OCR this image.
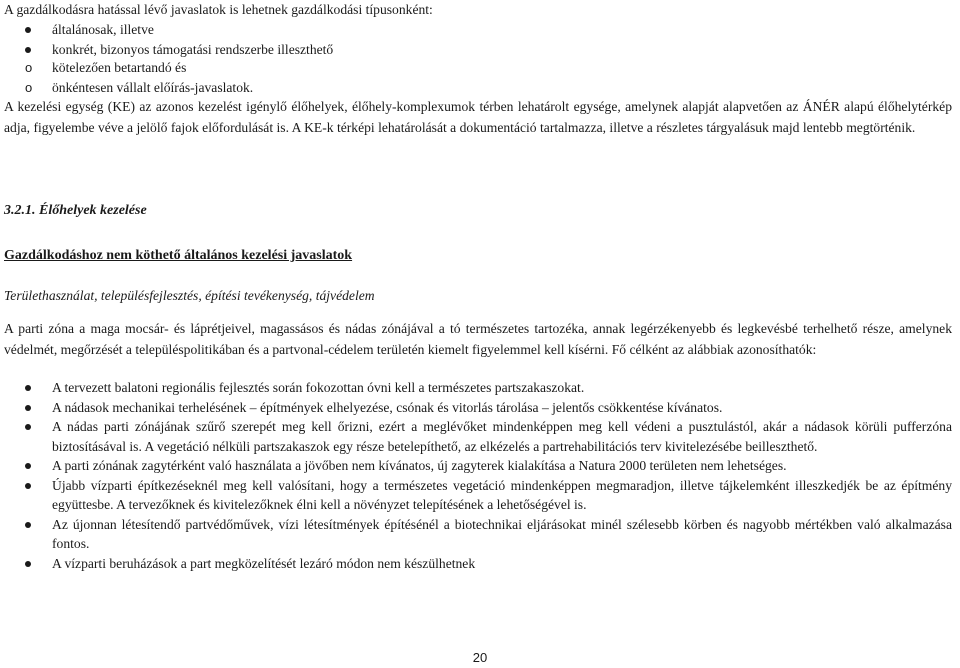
A gazdálkodásra hatással lévő javaslatok is lehetnek gazdálkodási típusonként:

általánosak, illetve
konkrét, bizonyos támogatási rendszerbe illeszthető
o kötelezően betartandó és
o önkéntesen vállalt előírás-javaslatok.

A kezelési egység (KE) az azonos kezelést igénylő élőhelyek, élőhely-komplexumok térben lehatárolt egysége, amelynek alapját alapvetően az ÁNÉR alapú élőhelytérkép adja, figyelembe véve a jelölő fajok előfordulását is. A KE-k térképi lehatárolását a dokumentáció tartalmazza, illetve a részletes tárgyalásuk majd lentebb megtörténik.

3.2.1. Élőhelyek kezelése
Gazdálkodáshoz nem köthető általános kezelési javaslatok
Területhasználat, településfejlesztés, építési tevékenység, tájvédelem

A parti zóna a maga mocsár- és láprétjeivel, magassásos és nádas zónájával a tó természetes tartozéka, annak legérzékenyebb és legkevésbé terhelhető része, amelynek védelmét, megőrzését a településpolitikában és a partvonal-cédelem területén kiemelt figyelemmel kell kísérni. Fő célként az alábbiak azonosíthatók:

A tervezett balatoni regionális fejlesztés során fokozottan óvni kell a természetes partszakaszokat.
A nádasok mechanikai terhelésének – építmények elhelyezése, csónak és vitorlás tárolása – jelentős csökkentése kívánatos.
A nádas parti zónájának szűrő szerepét meg kell őrizni, ezért a meglévőket mindenképpen meg kell védeni a pusztulástól, akár a nádasok körüli pufferzóna biztosításával is. A vegetáció nélküli partszakaszok egy része betelepíthető, az elkézelés a partrehabilitációs terv kivitelezésébe beilleszthető.
A parti zónának zagytérként való használata a jövőben nem kívánatos, új zagyterek kialakítása a Natura 2000 területen nem lehetséges.
Újabb vízparti építkezéseknél meg kell valósítani, hogy a természetes vegetáció mindenképpen megmaradjon, illetve tájkelemként illeszkedjék be az építmény együttesbe. A tervezőknek és kivitelezőknek élni kell a növényzet telepítésének a lehetőségével is.
Az újonnan létesítendő partvédőművek, vízi létesítmények építésénél a biotechnikai eljárásokat minél szélesebb körben és nagyobb mértékben való alkalmazása fontos.
A vízparti beruházások a part megközelítését lezáró módon nem készülhetnek
20
